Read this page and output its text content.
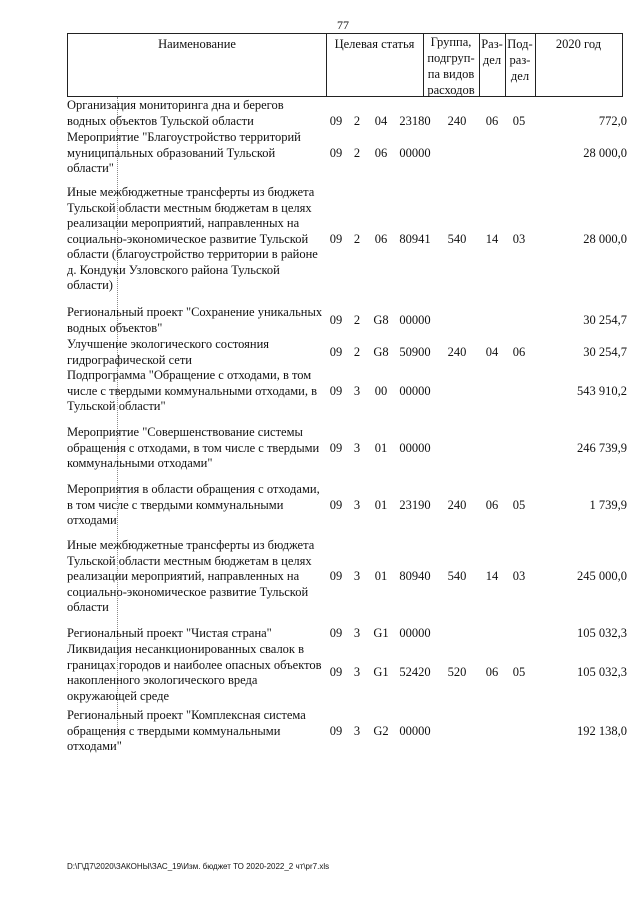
77
Наименование	Целевая статья	Группа,
подгруп-
па видов
расходов
Раз-
дел
Под-
раз-
дел
2020 год
Организация мониторинга дна и берегов водных объектов Тульской области	09 2	04 23180	240	06	05	772,0
Мероприятие "Благоустройство территорий муниципальных образований Тульской области"
09 2	06 00000	28 000,0
Иные межбюджетные трансферты из бюджета Тульской области местным бюджетам в целях реализации мероприятий, направленных на социально-экономическое развитие Тульской области (благоустройство территории в районе д. Кондуки Узловского района Тульской области)
09 2	06 80941	540	14	03	28 000,0
Региональный проект "Сохранение уникальных водных объектов"
09 2	G8 00000	30 254,7
Улучшение экологического состояния гидрографической сети
09 2	G8 50900	240	04	06	30 254,7
Подпрограмма "Обращение с отходами, в том числе с твердыми коммунальными отходами, в Тульской области"
09 3	00 00000	543 910,2
Мероприятие "Совершенствование системы обращения с отходами, в том числе с твердыми коммунальными отходами"
09 3	01 00000	246 739,9
Мероприятия в области обращения с отходами, в том числе с твердыми коммунальными отходами
09 3	01 23190	240	06	05	1 739,9
Иные межбюджетные трансферты из бюджета Тульской области местным бюджетам в целях реализации мероприятий, направленных на социально-экономическое развитие Тульской области
09 3	01 80940	540	14	03	245 000,0
Региональный проект "Чистая страна"	09 3	G1 00000	105 032,3
Ликвидация несанкционированных свалок в границах городов и наиболее опасных объектов накопленного экологического вреда окружающей среде
09 3	G1 52420	520	06	05	105 032,3
Региональный проект "Комплексная система обращения с твердыми коммунальными отходами"
09 3	G2 00000	192 138,0
D:\Г\Д7\2020\ЗАКОНЫ\ЗАС_19\Изм. бюджет ТО 2020-2022_2 чт\pr7.xls
